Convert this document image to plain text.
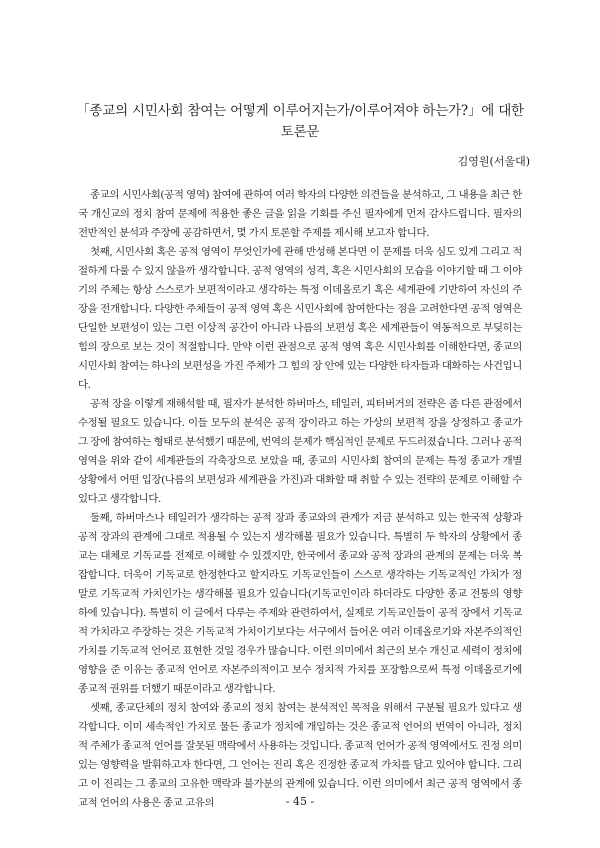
「종교의 시민사회 참여는 어떻게 이루어지는가/이루어져야 하는가?」에 대한
토론문
김영원(서울대)

종교의 시민사회(공적 영역) 참여에 관하여 여러 학자의 다양한 의견들을 분석하고, 그 내용을 최근 한국 개신교의 정치 참여 문제에 적용한 좋은 글을 읽을 기회를 주신 필자에게 먼저 감사드립니다. 필자의 전반적인 분석과 주장에 공감하면서, 몇 가지 토론할 주제를 제시해 보고자 합니다.

첫째, 시민사회 혹은 공적 영역이 무엇인가에 관해 반성해 본다면 이 문제를 더욱 심도 있게 그리고 적절하게 다룰 수 있지 않을까 생각합니다. 공적 영역의 성격, 혹은 시민사회의 모습을 이야기할 때 그 이야기의 주체는 항상 스스로가 보편적이라고 생각하는 특정 이데올로기 혹은 세계관에 기반하여 자신의 주장을 전개합니다. 다양한 주체들이 공적 영역 혹은 시민사회에 참여한다는 점을 고려한다면 공적 영역은 단일한 보편성이 있는 그런 이상적 공간이 아니라 나름의 보편성 혹은 세계관들이 역동적으로 부딪히는 힘의 장으로 보는 것이 적절합니다. 만약 이런 관점으로 공적 영역 혹은 시민사회를 이해한다면, 종교의 시민사회 참여는 하나의 보편성을 가진 주체가 그 힘의 장 안에 있는 다양한 타자들과 대화하는 사건입니다.

공적 장을 이렇게 재해석할 때, 필자가 분석한 하버마스, 테일러, 피터버거의 전략은 좀 다른 관점에서 수정될 필요도 있습니다. 이들 모두의 분석은 공적 장이라고 하는 가상의 보편적 장을 상정하고 종교가 그 장에 참여하는 형태로 분석했기 때문에, 번역의 문제가 핵심적인 문제로 두드러졌습니다. 그러나 공적 영역을 위와 같이 세계관들의 각축장으로 보았을 때, 종교의 시민사회 참여의 문제는 특정 종교가 개별 상황에서 어떤 입장(나름의 보편성과 세계관을 가진)과 대화할 때 취할 수 있는 전략의 문제로 이해할 수 있다고 생각합니다.

둘째, 하버마스나 테일러가 생각하는 공적 장과 종교와의 관계가 지금 분석하고 있는 한국적 상황과 공적 장과의 관계에 그대로 적용될 수 있는지 생각해볼 필요가 있습니다. 특별히 두 학자의 상황에서 종교는 대체로 기독교를 전제로 이해할 수 있겠지만, 한국에서 종교와 공적 장과의 관계의 문제는 더욱 복잡합니다. 더욱이 기독교로 한정한다고 할지라도 기독교인들이 스스로 생각하는 기독교적인 가치가 정말로 기독교적 가치인가는 생각해볼 필요가 있습니다(기독교인이라 하더라도 다양한 종교 전통의 영향 하에 있습니다). 특별히 이 글에서 다루는 주제와 관련하여서, 실제로 기독교인들이 공적 장에서 기독교적 가치라고 주장하는 것은 기독교적 가치이기보다는 서구에서 들어온 여러 이데올로기와 자본주의적인 가치를 기독교적 언어로 표현한 것일 경우가 많습니다. 이런 의미에서 최근의 보수 개신교 세력이 정치에 영향을 준 이유는 종교적 언어로 자본주의적이고 보수 정치적 가치를 포장함으로써 특정 이데올로기에 종교적 권위를 더했기 때문이라고 생각합니다.

셋째, 종교단체의 정치 참여와 종교의 정치 참여는 분석적인 목적을 위해서 구분될 필요가 있다고 생각합니다. 이미 세속적인 가치로 물든 종교가 정치에 개입하는 것은 종교적 언어의 번역이 아니라, 정치적 주체가 종교적 언어를 잘못된 맥락에서 사용하는 것입니다. 종교적 언어가 공적 영역에서도 진정 의미 있는 영향력을 발휘하고자 한다면, 그 언어는 진리 혹은 진정한 종교적 가치를 담고 있어야 합니다. 그리고 이 진리는 그 종교의 고유한 맥락과 불가분의 관계에 있습니다. 이런 의미에서 최근 공적 영역에서 종교적 언어의 사용은 종교 고유의	- 45 -
